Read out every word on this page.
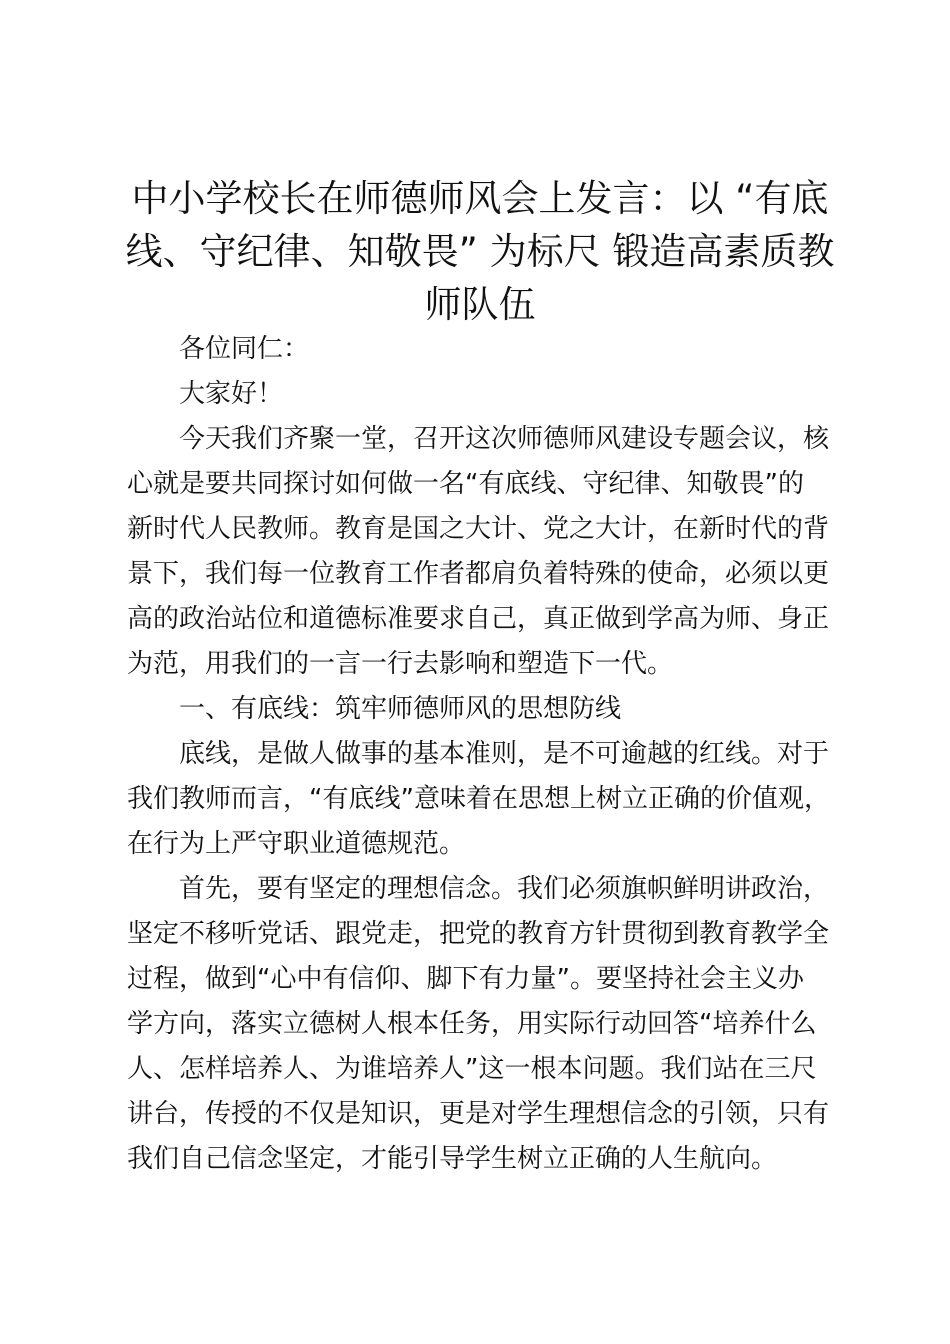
中小学校长在师德师风会上发言：以 “有底
线、守纪律、知敬畏” 为标尺 锻造高素质教
师队伍

各位同仁：

大家好！

今天我们齐聚一堂，召开这次师德师风建设专题会议，核
心就是要共同探讨如何做一名“有底线、守纪律、知敬畏”的
新时代人民教师。教育是国之大计、党之大计，在新时代的背
景下，我们每一位教育工作者都肩负着特殊的使命，必须以更
高的政治站位和道德标准要求自己，真正做到学高为师、身正
为范，用我们的一言一行去影响和塑造下一代。

一、有底线：筑牢师德师风的思想防线

底线，是做人做事的基本准则，是不可逾越的红线。对于
我们教师而言，“有底线”意味着在思想上树立正确的价值观，
在行为上严守职业道德规范。

首先，要有坚定的理想信念。我们必须旗帜鲜明讲政治，
坚定不移听党话、跟党走，把党的教育方针贯彻到教育教学全
过程，做到“心中有信仰、脚下有力量”。要坚持社会主义办
学方向，落实立德树人根本任务，用实际行动回答“培养什么
人、怎样培养人、为谁培养人”这一根本问题。我们站在三尺
讲台，传授的不仅是知识，更是对学生理想信念的引领，只有
我们自己信念坚定，才能引导学生树立正确的人生航向。
